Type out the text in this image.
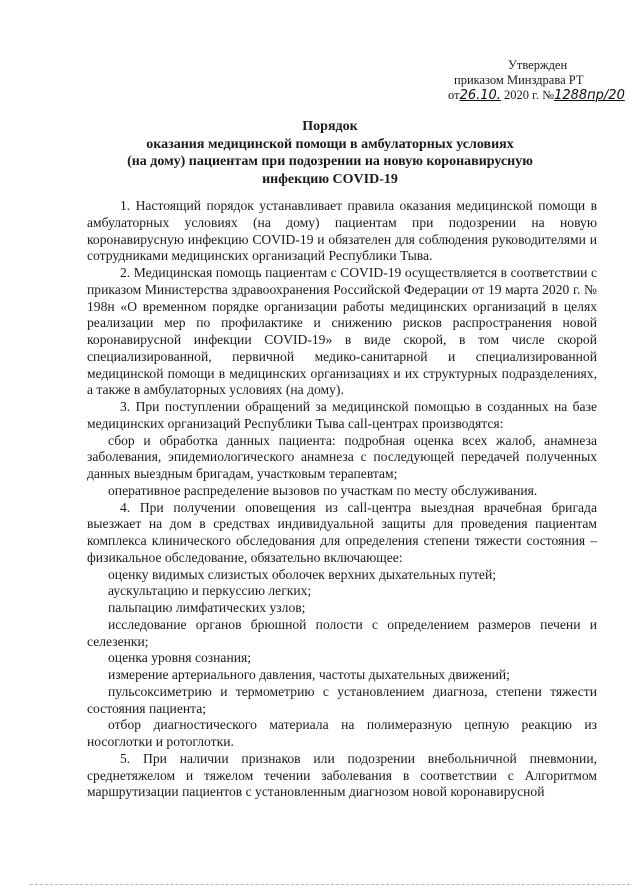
Утвержден
приказом Минздрава РТ
от26.10. 2020 г. №1288пр/20
Порядок
оказания медицинской помощи в амбулаторных условиях
(на дому) пациентам при подозрении на новую коронавирусную
инфекцию COVID-19

1. Настоящий порядок устанавливает правила оказания медицинской помощи в амбулаторных условиях (на дому) пациентам при подозрении на новую коронавирусную инфекцию COVID-19 и обязателен для соблюдения руководителями и сотрудниками медицинских организаций Республики Тыва.

2. Медицинская помощь пациентам с COVID-19 осуществляется в соответствии с приказом Министерства здравоохранения Российской Федерации от 19 марта 2020 г. № 198н «О временном порядке организации работы медицинских организаций в целях реализации мер по профилактике и снижению рисков распространения новой коронавирусной инфекции COVID-19» в виде скорой, в том числе скорой специализированной, первичной медико-санитарной и специализированной медицинской помощи в медицинских организациях и их структурных подразделениях, а также в амбулаторных условиях (на дому).

3. При поступлении обращений за медицинской помощью в созданных на базе медицинских организаций Республики Тыва call-центрах производятся:

сбор и обработка данных пациента: подробная оценка всех жалоб, анамнеза заболевания, эпидемиологического анамнеза с последующей передачей полученных данных выездным бригадам, участковым терапевтам;

оперативное распределение вызовов по участкам по месту обслуживания.

4. При получении оповещения из call-центра выездная врачебная бригада выезжает на дом в средствах индивидуальной защиты для проведения пациентам комплекса клинического обследования для определения степени тяжести состояния – физикальное обследование, обязательно включающее:

оценку видимых слизистых оболочек верхних дыхательных путей;

аускультацию и перкуссию легких;

пальпацию лимфатических узлов;

исследование органов брюшной полости с определением размеров печени и селезенки;

оценка уровня сознания;

измерение артериального давления, частоты дыхательных движений;

пульсоксиметрию и термометрию с установлением диагноза, степени тяжести состояния пациента;

отбор диагностического материала на полимеразную цепную реакцию из носоглотки и ротоглотки.

5. При наличии признаков или подозрении внебольничной пневмонии, среднетяжелом и тяжелом течении заболевания в соответствии с Алгоритмом маршрутизации пациентов с установленным диагнозом новой коронавирусной
